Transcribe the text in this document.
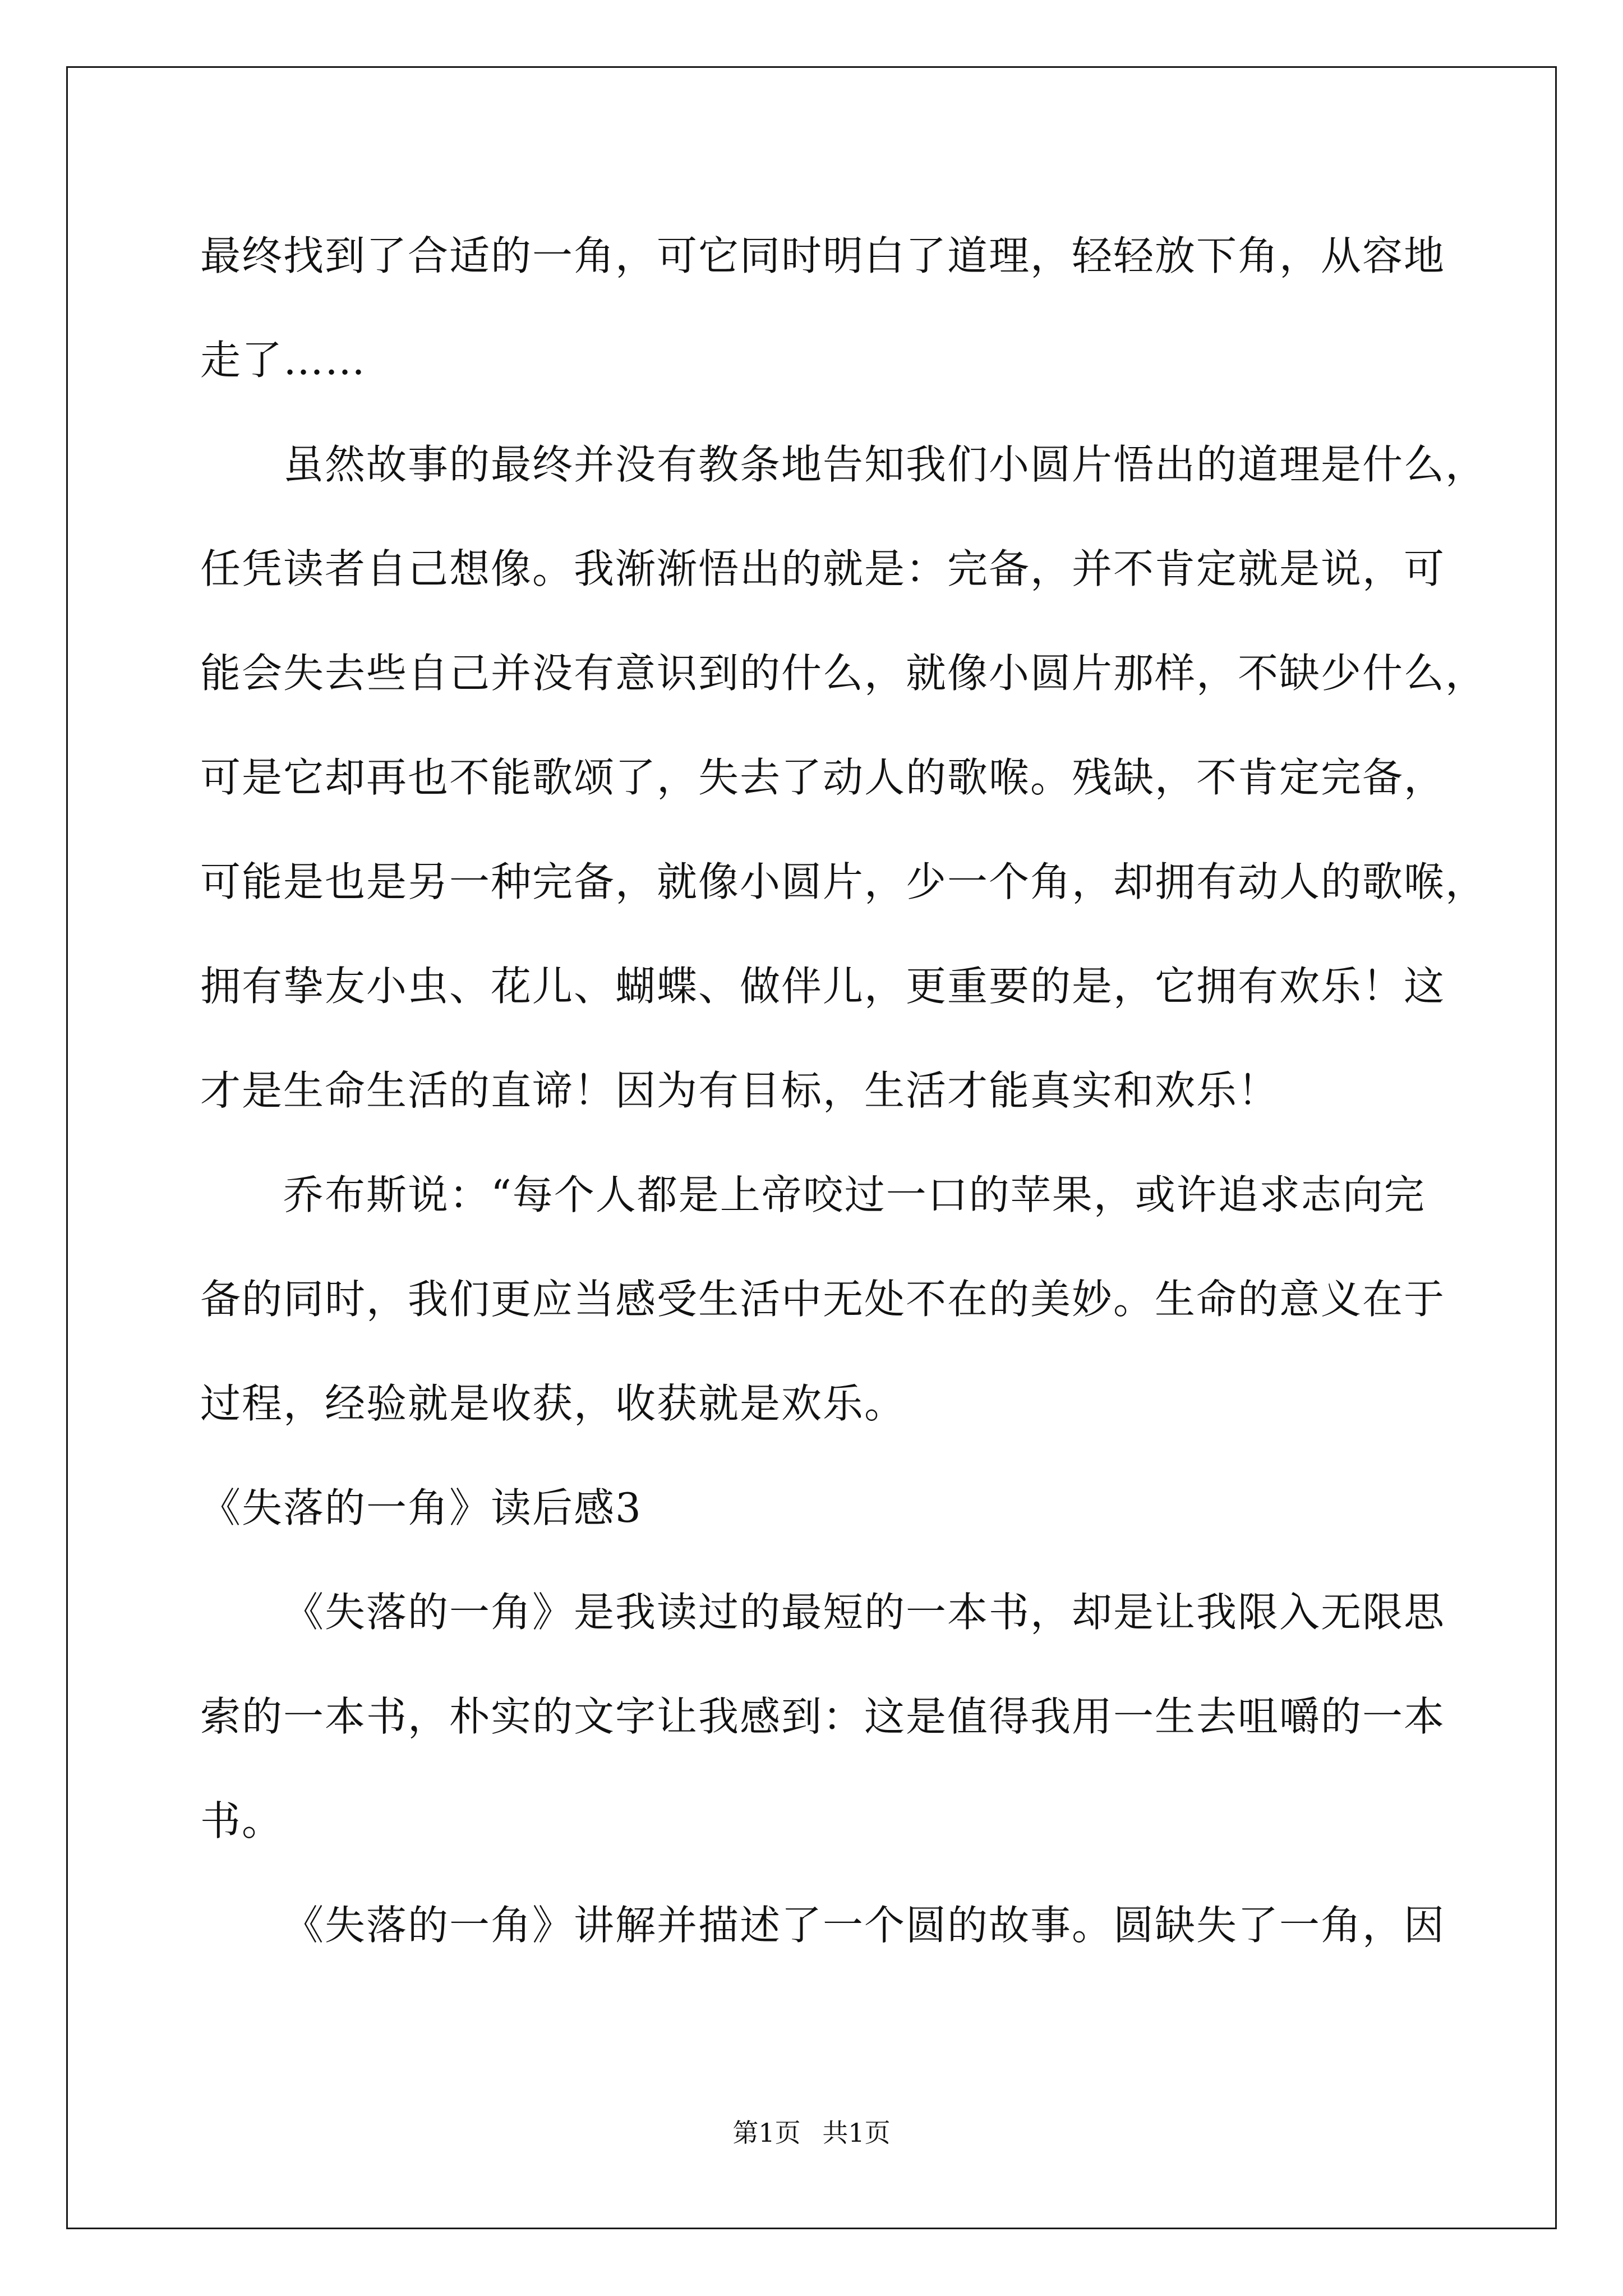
最终找到了合适的一角，可它同时明白了道理，轻轻放下角，从容地
走了……
虽然故事的最终并没有教条地告知我们小圆片悟出的道理是什么，
任凭读者自己想像。我渐渐悟出的就是：完备，并不肯定就是说，可
能会失去些自己并没有意识到的什么，就像小圆片那样，不缺少什么，
可是它却再也不能歌颂了，失去了动人的歌喉。残缺，不肯定完备，
可能是也是另一种完备，就像小圆片，少一个角，却拥有动人的歌喉，
拥有挚友小虫、花儿、蝴蝶、做伴儿，更重要的是，它拥有欢乐！这
才是生命生活的直谛！因为有目标，生活才能真实和欢乐！
乔布斯说：“每个人都是上帝咬过一口的苹果，或许追求志向完
备的同时，我们更应当感受生活中无处不在的美妙。生命的意义在于
过程，经验就是收获，收获就是欢乐。
《失落的一角》读后感3
《失落的一角》是我读过的最短的一本书，却是让我限入无限思
索的一本书，朴实的文字让我感到：这是值得我用一生去咀嚼的一本
书。
《失落的一角》讲解并描述了一个圆的故事。圆缺失了一角，因
第1页 共1页
